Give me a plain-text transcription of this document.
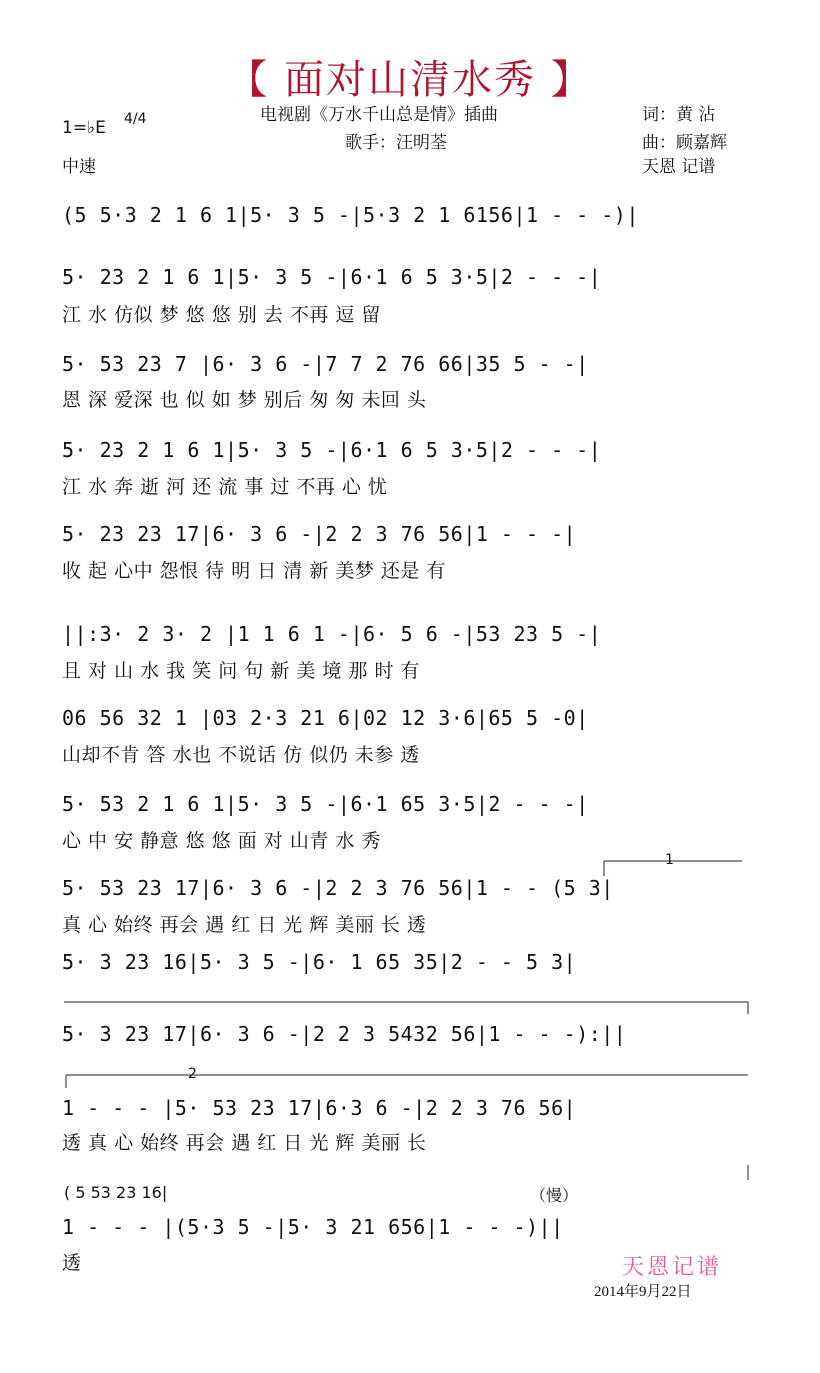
【 面对山清水秀 】
1=♭E 4/4
中速
电视剧《万水千山总是情》插曲
歌手：汪明荃
词：黄 沾
曲：顾嘉辉
天恩 记谱
(5 5·3 2 1 6 1|5· 3 5 -|5·3 2 1 6156|1 - - -)|
5· 23 2 1 6 1|5· 3 5 -|6·1 6 5 3·5|2 - - -|
江 水 仿似 梦 悠 悠 别 去 不再 逗 留
5· 53 23 7 |6· 3 6 -|7 7 2 76 66|35 5 - -|
恩 深 爱深 也 似 如 梦 别后 匆 匆 未回 头
5· 23 2 1 6 1|5· 3 5 -|6·1 6 5 3·5|2 - - -|
江 水 奔 逝 河 还 流 事 过 不再 心 忧
5· 23 23 17|6· 3 6 -|2 2 3 76 56|1 - - -|
收 起 心中 怨恨 待 明 日 清 新 美梦 还是 有
||:3· 2 3· 2 |1 1 6 1 -|6· 5 6 -|53 23 5 -|
且 对 山 水 我 笑 问 句 新 美 境 那 时 有
06 56 32 1 |03 2·3 21 6|02 12 3·6|65 5 -0|
山却不肯 答 水也 不说话 仿 似仍 未参 透
5· 53 2 1 6 1|5· 3 5 -|6·1 65 3·5|2 - - -|
心 中 安 静意 悠 悠 面 对 山青 水 秀
1
5· 53 23 17|6· 3 6 -|2 2 3 76 56|1 - - (5 3|
真 心 始终 再会 遇 红 日 光 辉 美丽 长 透
5· 3 23 16|5· 3 5 -|6· 1 65 35|2 - - 5 3|
5· 3 23 17|6· 3 6 -|2 2 3 5432 56|1 - - -):||
2
1 - - - |5· 53 23 17|6·3 6 -|2 2 3 76 56|
透 真 心 始终 再会 遇 红 日 光 辉 美丽 长
( 5 53 23 16|	（慢）
1 - - - |(5·3 5 -|5· 3 21 656|1 - - -)||
透	天恩记谱
2014年9月22日
